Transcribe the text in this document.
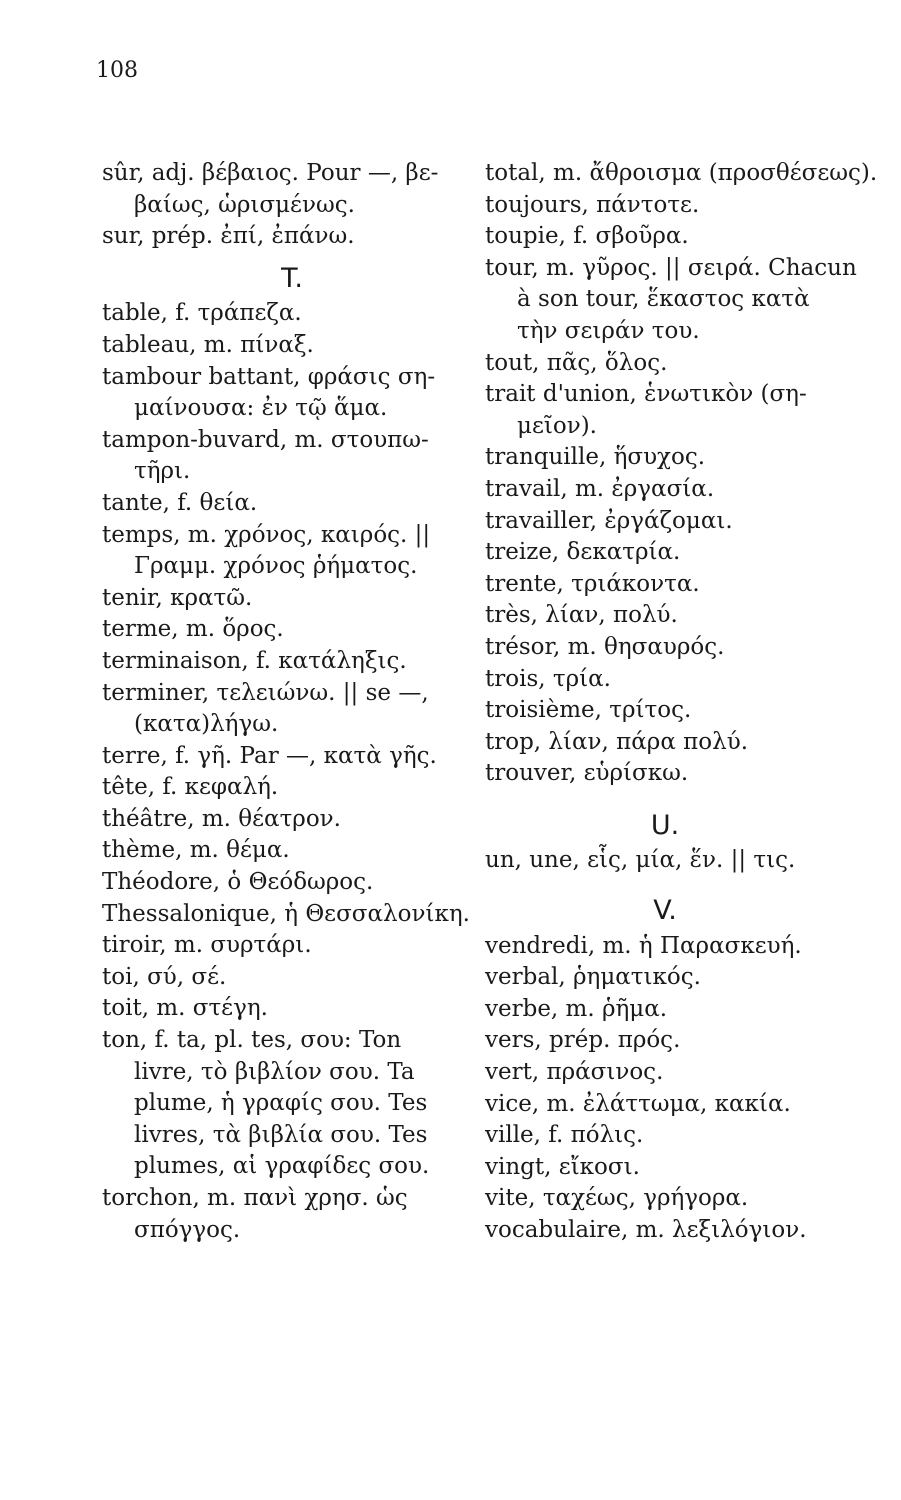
108
sûr, adj. βέβαιος. Pour —, βε-
βαίως, ὡρισμένως.
sur, prép. ἐπί, ἐπάνω.
T.
table, f. τράπεζα.
tableau, m. πίναξ.
tambour battant, φράσις ση-
μαίνουσα: ἐν τῷ ἅμα.
tampon-buvard, m. στουπω-
τῆρι.
tante, f. θεία.
temps, m. χρόνος, καιρός. ||
Γραμμ. χρόνος ῥήματος.
tenir, κρατῶ.
terme, m. ὅρος.
terminaison, f. κατάληξις.
terminer, τελειώνω. || se —,
(κατα)λήγω.
terre, f. γῆ. Par —, κατὰ γῆς.
tête, f. κεφαλή.
théâtre, m. θέατρον.
thème, m. θέμα.
Théodore, ὁ Θεόδωρος.
Thessalonique, ἡ Θεσσαλονίκη.
tiroir, m. συρτάρι.
toi, σύ, σέ.
toit, m. στέγη.
ton, f. ta, pl. tes, σου: Ton
livre, τὸ βιβλίον σου. Ta
plume, ἡ γραφίς σου. Tes
livres, τὰ βιβλία σου. Tes
plumes, αἱ γραφίδες σου.
torchon, m. πανὶ χρησ. ὡς
σπόγγος.
total, m. ἄθροισμα (προσθέσεως).
toujours, πάντοτε.
toupie, f. σβοῦρα.
tour, m. γῦρος. || σειρά. Chacun
à son tour, ἕκαστος κατὰ
τὴν σειράν του.
tout, πᾶς, ὅλος.
trait d'union, ἑνωτικὸν (ση-
μεῖον).
tranquille, ἥσυχος.
travail, m. ἐργασία.
travailler, ἐργάζομαι.
treize, δεκατρία.
trente, τριάκοντα.
très, λίαν, πολύ.
trésor, m. θησαυρός.
trois, τρία.
troisième, τρίτος.
trop, λίαν, πάρα πολύ.
trouver, εὑρίσκω.
U.
un, une, εἷς, μία, ἕν. || τις.
V.
vendredi, m. ἡ Παρασκευή.
verbal, ῥηματικός.
verbe, m. ῥῆμα.
vers, prép. πρός.
vert, πράσινος.
vice, m. ἐλάττωμα, κακία.
ville, f. πόλις.
vingt, εἴκοσι.
vite, ταχέως, γρήγορα.
vocabulaire, m. λεξιλόγιον.
